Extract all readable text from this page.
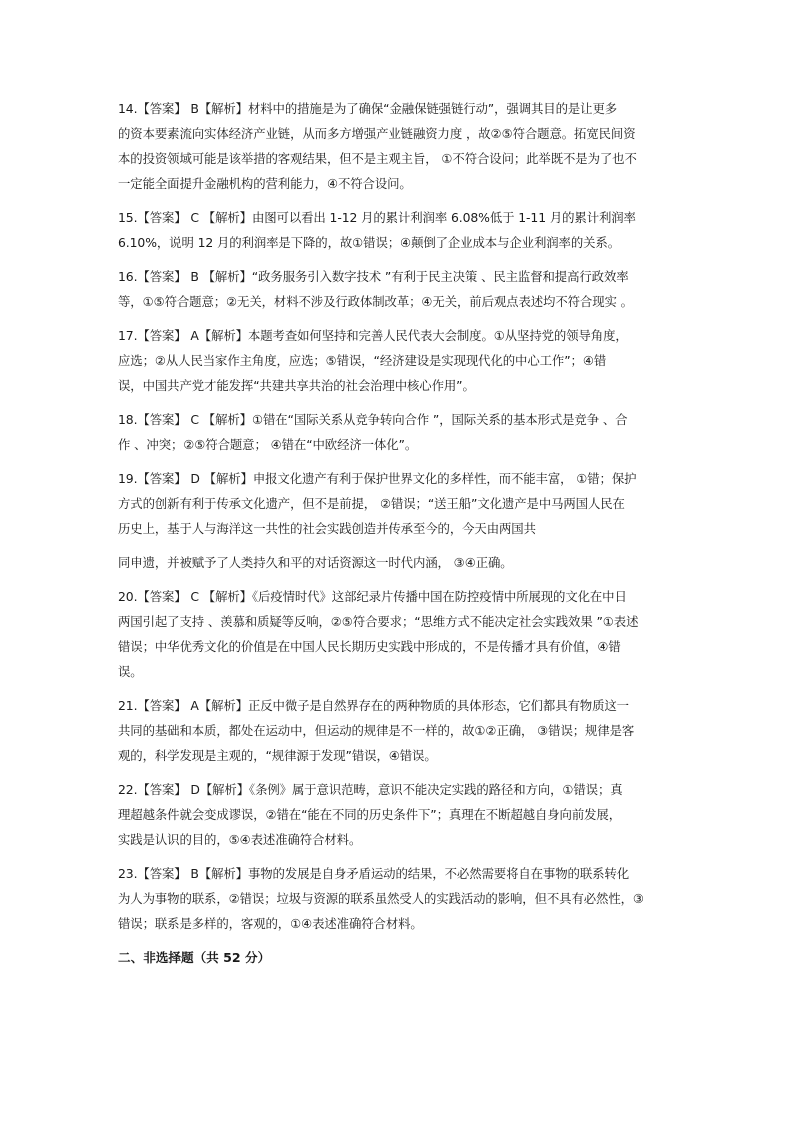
14.【答案】 B【解析】材料中的措施是为了确保“金融保链强链行动”，强调其目的是让更多
的资本要素流向实体经济产业链，从而多方增强产业链融资力度 ，故②⑤符合题意。拓宽民间资
本的投资领域可能是该举措的客观结果，但不是主观主旨， ①不符合设问；此举既不是为了也不
一定能全面提升金融机构的营利能力，④不符合设问。
15.【答案】 C 【解析】由图可以看出 1-12 月的累计利润率 6.08%低于 1-11 月的累计利润率
6.10%，说明 12 月的利润率是下降的，故①错误；④颠倒了企业成本与企业利润率的关系。
16.【答案】 B 【解析】“政务服务引入数字技术 ”有利于民主决策 、民主监督和提高行政效率
等，①⑤符合题意；②无关，材料不涉及行政体制改革；④无关，前后观点表述均不符合现实 。
17.【答案】 A【解析】本题考查如何坚持和完善人民代表大会制度。①从坚持党的领导角度，
应选；②从人民当家作主角度，应选；⑤错误，“经济建设是实现现代化的中心工作”；④错
误，中国共产党才能发挥“共建共享共治的社会治理中核心作用”。
18.【答案】 C 【解析】①错在“国际关系从竞争转向合作 ”，国际关系的基本形式是竞争 、合
作 、冲突；②⑤符合题意； ④错在“中欧经济一体化”。
19.【答案】 D 【解析】申报文化遗产有利于保护世界文化的多样性，而不能丰富， ①错；保护
方式的创新有利于传承文化遗产，但不是前提， ②错误；“送王船”文化遗产是中马两国人民在
历史上，基于人与海洋这一共性的社会实践创造并传承至今的，今天由两国共
同申遗，并被赋予了人类持久和平的对话资源这一时代内涵， ③④正确。
20.【答案】 C 【解析】《后疫情时代》这部纪录片传播中国在防控疫情中所展现的文化在中日
两国引起了支持 、羡慕和质疑等反响，②⑤符合要求；“思维方式不能决定社会实践效果 ”①表述
错误；中华优秀文化的价值是在中国人民长期历史实践中形成的，不是传播才具有价值，④错
误。
21.【答案】 A【解析】正反中微子是自然界存在的两种物质的具体形态，它们都具有物质这一
共同的基础和本质，都处在运动中，但运动的规律是不一样的，故①②正确， ③错误；规律是客
观的，科学发现是主观的，“规律源于发现”错误，④错误。
22.【答案】 D【解析】《条例》属于意识范畴，意识不能决定实践的路径和方向，①错误；真
理超越条件就会变成谬误，②错在“能在不同的历史条件下”；真理在不断超越自身向前发展，
实践是认识的目的，⑤④表述准确符合材料。
23.【答案】 B【解析】事物的发展是自身矛盾运动的结果，不必然需要将自在事物的联系转化
为人为事物的联系，②错误；垃圾与资源的联系虽然受人的实践活动的影响，但不具有必然性，③
错误；联系是多样的，客观的，①④表述准确符合材料。
二、非选择题（共 52 分）
